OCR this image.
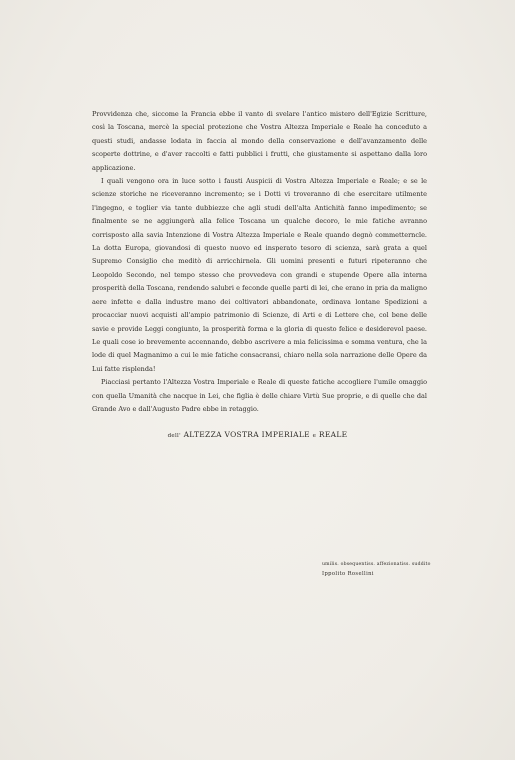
Provvidenza che, siccome la Francia ebbe il vanto di svelare l'antico mistero dell'Egizie Scritture, così la Toscana, mercè la special protezione che Vostra Altezza Imperiale e Reale ha conceduto a questi studi, andasse lodata in faccia al mondo della conservazione e dell'avanzamento delle scoperte dottrine, e d'aver raccolti e fatti pubblici i frutti, che giustamente si aspettano dalla loro applicazione.

I quali vengono ora in luce sotto i fausti Auspicii di Vostra Altezza Imperiale e Reale; e se le scienze storiche ne riceveranno incremento; se i Dotti vi troveranno di che esercitare utilmente l'ingegno, e toglier via tante dubbiezze che agli studi dell'alta Antichità fanno impedimento; se finalmente se ne aggiungerà alla felice Toscana un qualche decoro, le mie fatiche avranno corrisposto alla savia Intenzione di Vostra Altezza Imperiale e Reale quando degnò commetterncle. La dotta Europa, giovandosi di questo nuovo ed insperato tesoro di scienza, sarà grata a quel Supremo Consiglio che meditò di arricchirnela. Gli uomini presenti e futuri ripeteranno che Leopoldo Secondo, nel tempo stesso che provvedeva con grandi e stupende Opere alla interna prosperità della Toscana, rendendo salubri e feconde quelle parti di lei, che erano in pria da maligno aere infette e dalla industre mano dei coltivatori abbandonate, ordinava lontane Spedizioni a procacciar nuovi acquisti all'ampio patrimonio di Scienze, di Arti e di Lettere che, col bene delle savie e provide Leggi congiunto, la prosperità forma e la gloria di questo felice e desiderevol paese. Le quali cose io brevemente accennando, debbo ascrivere a mia felicissima e somma ventura, che la lode di quel Magnanimo a cui le mie fatiche consacransi, chiaro nella sola narrazione delle Opere da Lui fatte risplenda!

Piacciasi pertanto l'Altezza Vostra Imperiale e Reale di queste fatiche accogliere l'umile omaggio con quella Umanità che nacque in Lei, che figlia è delle chiare Virtù Sue proprie, e di quelle che dal Grande Avo e dall'Augusto Padre ebbe in retaggio.

dell' ALTEZZA VOSTRA IMPERIALE e REALE
umilis. obsequentiss. affezionatiss. suddito
Ippolito Rosellini
